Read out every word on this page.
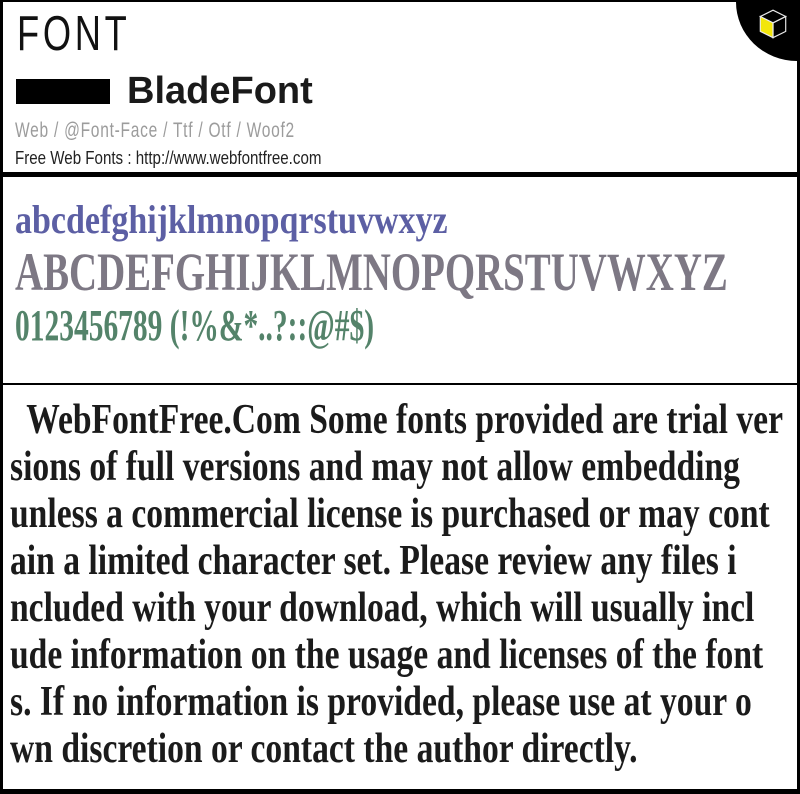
FONT
BladeFont
Web / @Font-Face / Ttf / Otf / Woof2
Free Web Fonts : http://www.webfontfree.com
abcdefghijklmnopqrstuvwxyz
ABCDEFGHIJKLMNOPQRSTUVWXYZ
0123456789 (!%&*..?::@#$)
WebFontFree.Com Some fonts provided are trial ver
sions of full versions and may not allow embedding
unless a commercial license is purchased or may cont
ain a limited character set. Please review any files i
ncluded with your download, which will usually incl
ude information on the usage and licenses of the font
s. If no information is provided, please use at your o
wn discretion or contact the author directly.
